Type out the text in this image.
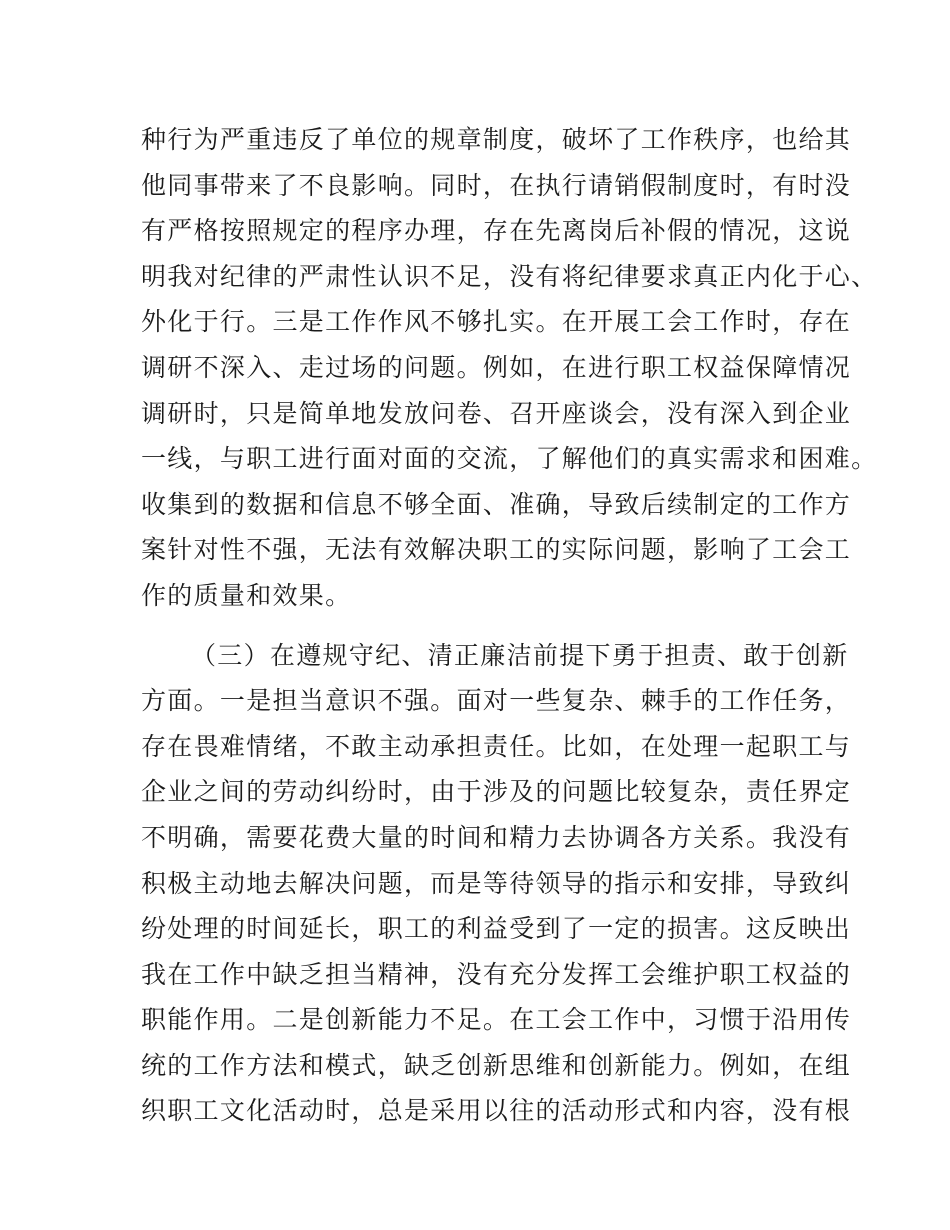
种行为严重违反了单位的规章制度，破坏了工作秩序，也给其
他同事带来了不良影响。同时，在执行请销假制度时，有时没
有严格按照规定的程序办理，存在先离岗后补假的情况，这说
明我对纪律的严肃性认识不足，没有将纪律要求真正内化于心、
外化于行。三是工作作风不够扎实。在开展工会工作时，存在
调研不深入、走过场的问题。例如，在进行职工权益保障情况
调研时，只是简单地发放问卷、召开座谈会，没有深入到企业
一线，与职工进行面对面的交流，了解他们的真实需求和困难。
收集到的数据和信息不够全面、准确，导致后续制定的工作方
案针对性不强，无法有效解决职工的实际问题，影响了工会工
作的质量和效果。
（三）在遵规守纪、清正廉洁前提下勇于担责、敢于创新
方面。一是担当意识不强。面对一些复杂、棘手的工作任务，
存在畏难情绪，不敢主动承担责任。比如，在处理一起职工与
企业之间的劳动纠纷时，由于涉及的问题比较复杂，责任界定
不明确，需要花费大量的时间和精力去协调各方关系。我没有
积极主动地去解决问题，而是等待领导的指示和安排，导致纠
纷处理的时间延长，职工的利益受到了一定的损害。这反映出
我在工作中缺乏担当精神，没有充分发挥工会维护职工权益的
职能作用。二是创新能力不足。在工会工作中，习惯于沿用传
统的工作方法和模式，缺乏创新思维和创新能力。例如，在组
织职工文化活动时，总是采用以往的活动形式和内容，没有根
